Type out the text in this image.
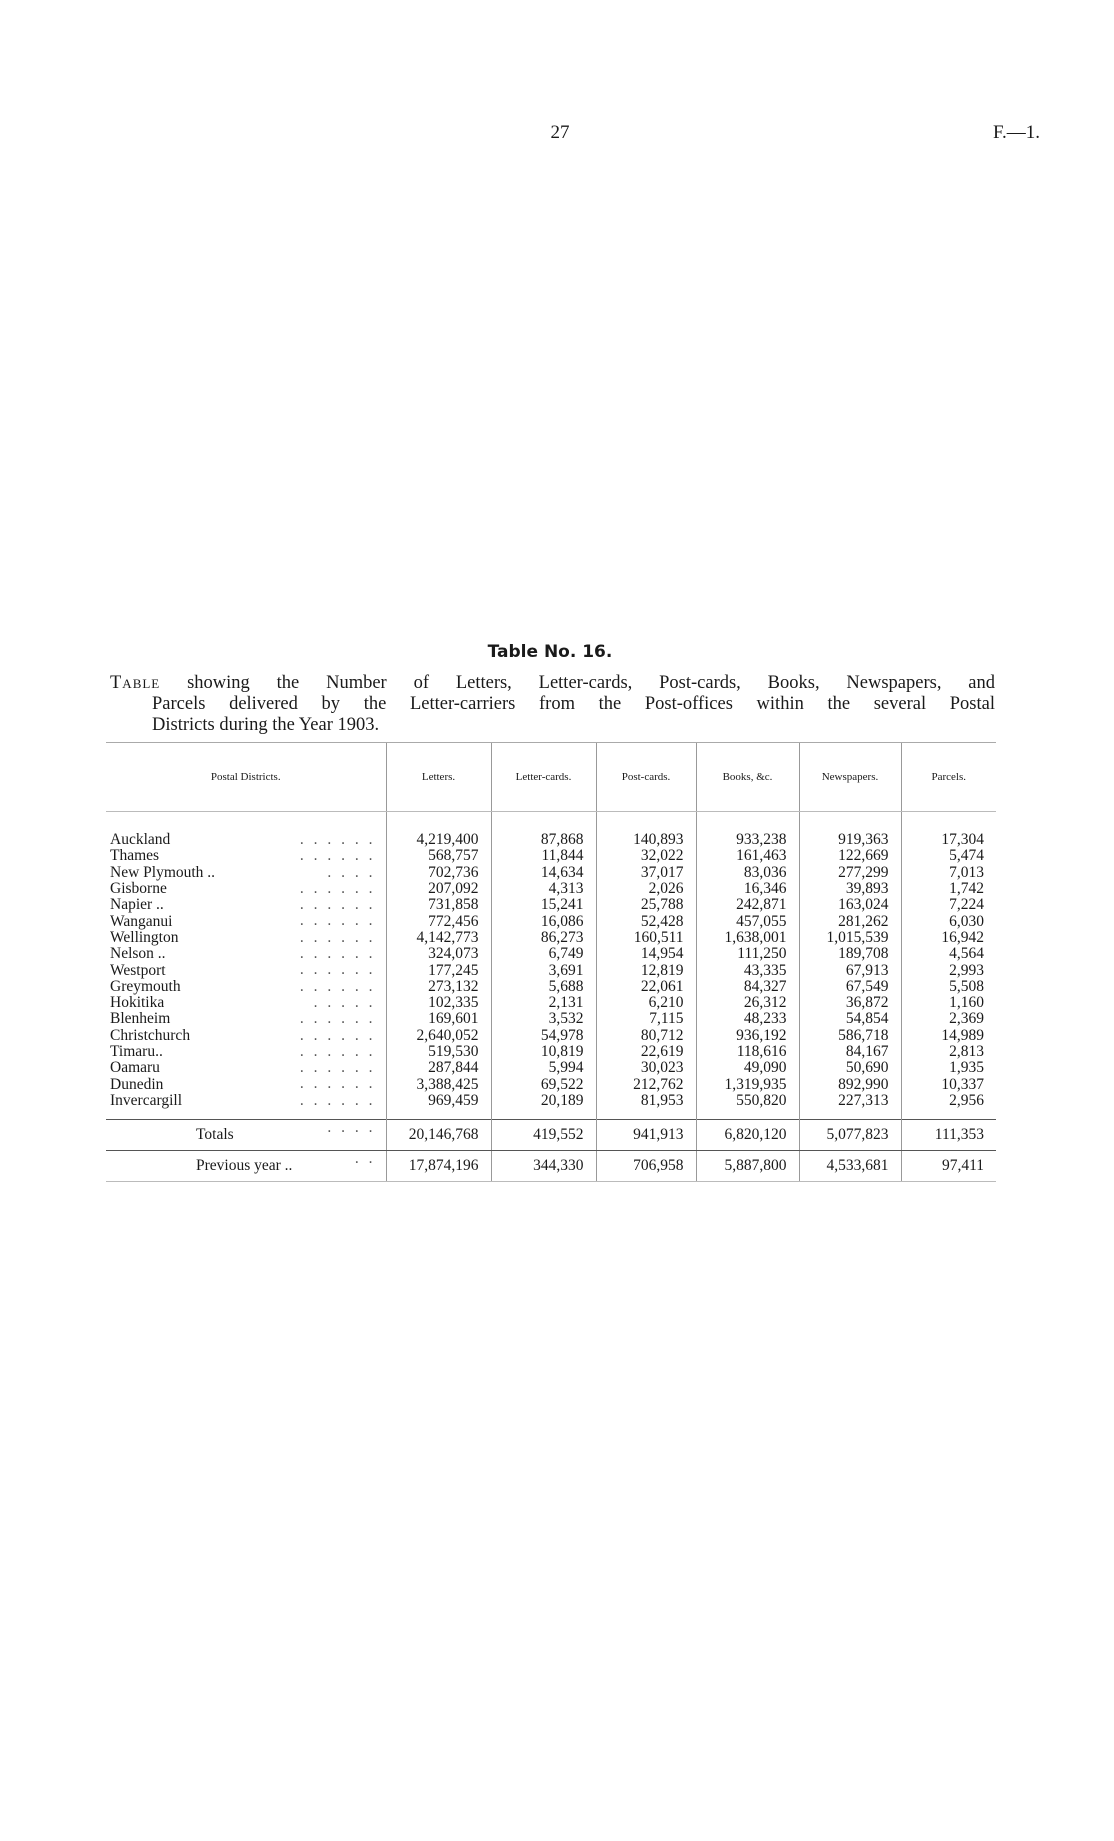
27	F.—1.
Table No. 16.
Table showing the Number of Letters, Letter-cards, Post-cards, Books, Newspapers, and
Parcels delivered by the Letter-carriers from the Post-offices within the several Postal
Districts during the Year 1903.
Postal Districts.	Letters.	Letter-cards.	Post-cards.	Books, &c.	Newspapers.	Parcels.
Auckland . . . . . .	4,219,400	87,868	140,893	933,238	919,363	17,304
Thames . . . . . .	568,757	11,844	32,022	161,463	122,669	5,474
New Plymouth .. . . . .	702,736	14,634	37,017	83,036	277,299	7,013
Gisborne . . . . . .	207,092	4,313	2,026	16,346	39,893	1,742
Napier .. . . . . . .	731,858	15,241	25,788	242,871	163,024	7,224
Wanganui . . . . . .	772,456	16,086	52,428	457,055	281,262	6,030
Wellington . . . . . .	4,142,773	86,273	160,511	1,638,001	1,015,539	16,942
Nelson .. . . . . . .	324,073	6,749	14,954	111,250	189,708	4,564
Westport . . . . . .	177,245	3,691	12,819	43,335	67,913	2,993
Greymouth . . . . . .	273,132	5,688	22,061	84,327	67,549	5,508
Hokitika . . . . .	102,335	2,131	6,210	26,312	36,872	1,160
Blenheim . . . . . .	169,601	3,532	7,115	48,233	54,854	2,369
Christchurch . . . . . .	2,640,052	54,978	80,712	936,192	586,718	14,989
Timaru.. . . . . . .	519,530	10,819	22,619	118,616	84,167	2,813
Oamaru . . . . . .	287,844	5,994	30,023	49,090	50,690	1,935
Dunedin . . . . . .	3,388,425	69,522	212,762	1,319,935	892,990	10,337
Invercargill . . . . . .	969,459	20,189	81,953	550,820	227,313	2,956

Totals . . . .	20,146,768	419,552	941,913	6,820,120	5,077,823	111,353
Previous year .. . .	17,874,196	344,330	706,958	5,887,800	4,533,681	97,411
